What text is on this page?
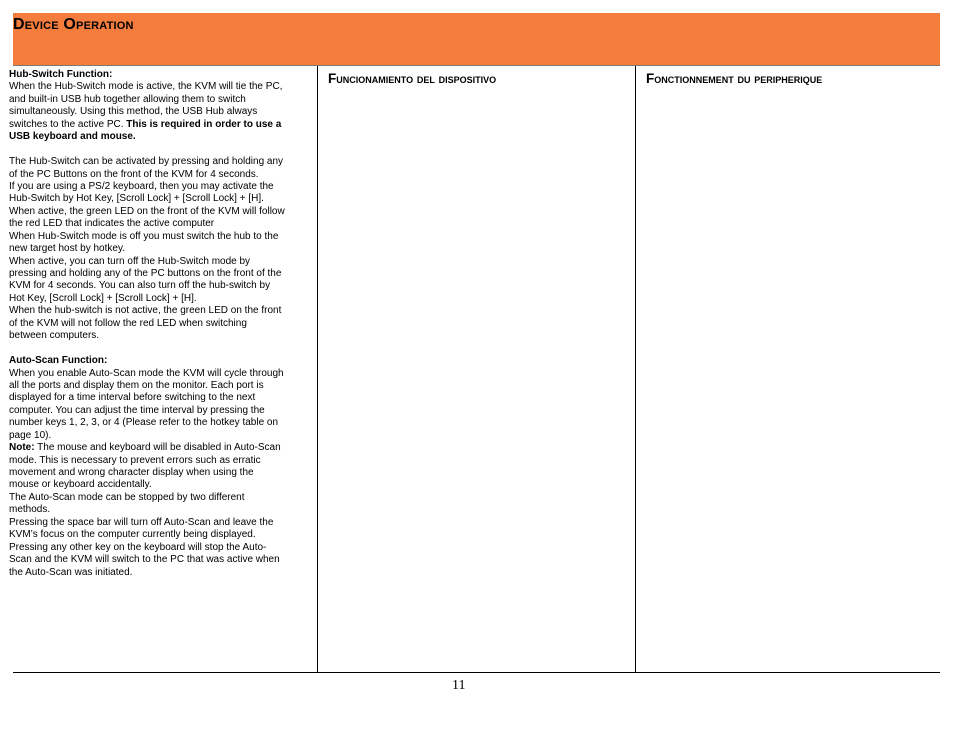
Device Operation
Hub-Switch Function:
When the Hub-Switch mode is active, the KVM will tie the PC,
and built-in USB hub together allowing them to switch
simultaneously. Using this method, the USB Hub always
switches to the active PC. This is required in order to use a
USB keyboard and mouse.
The Hub-Switch can be activated by pressing and holding any
of the PC Buttons on the front of the KVM for 4 seconds.
If you are using a PS/2 keyboard, then you may activate the
Hub-Switch by Hot Key, [Scroll Lock] + [Scroll Lock] + [H].
When active, the green LED on the front of the KVM will follow
the red LED that indicates the active computer
When Hub-Switch mode is off you must switch the hub to the
new target host by hotkey.
When active, you can turn off the Hub-Switch mode by
pressing and holding any of the PC buttons on the front of the
KVM for 4 seconds. You can also turn off the hub-switch by
Hot Key, [Scroll Lock] + [Scroll Lock] + [H].
When the hub-switch is not active, the green LED on the front
of the KVM will not follow the red LED when switching
between computers.
Auto-Scan Function:
When you enable Auto-Scan mode the KVM will cycle through
all the ports and display them on the monitor. Each port is
displayed for a time interval before switching to the next
computer. You can adjust the time interval by pressing the
number keys 1, 2, 3, or 4 (Please refer to the hotkey table on
page 10).
Note: The mouse and keyboard will be disabled in Auto-Scan
mode. This is necessary to prevent errors such as erratic
movement and wrong character display when using the
mouse or keyboard accidentally.
The Auto-Scan mode can be stopped by two different
methods.
Pressing the space bar will turn off Auto-Scan and leave the
KVM’s focus on the computer currently being displayed.
Pressing any other key on the keyboard will stop the Auto-
Scan and the KVM will switch to the PC that was active when
the Auto-Scan was initiated.
Funcionamiento del dispositivo	Fonctionnement du peripherique
11
